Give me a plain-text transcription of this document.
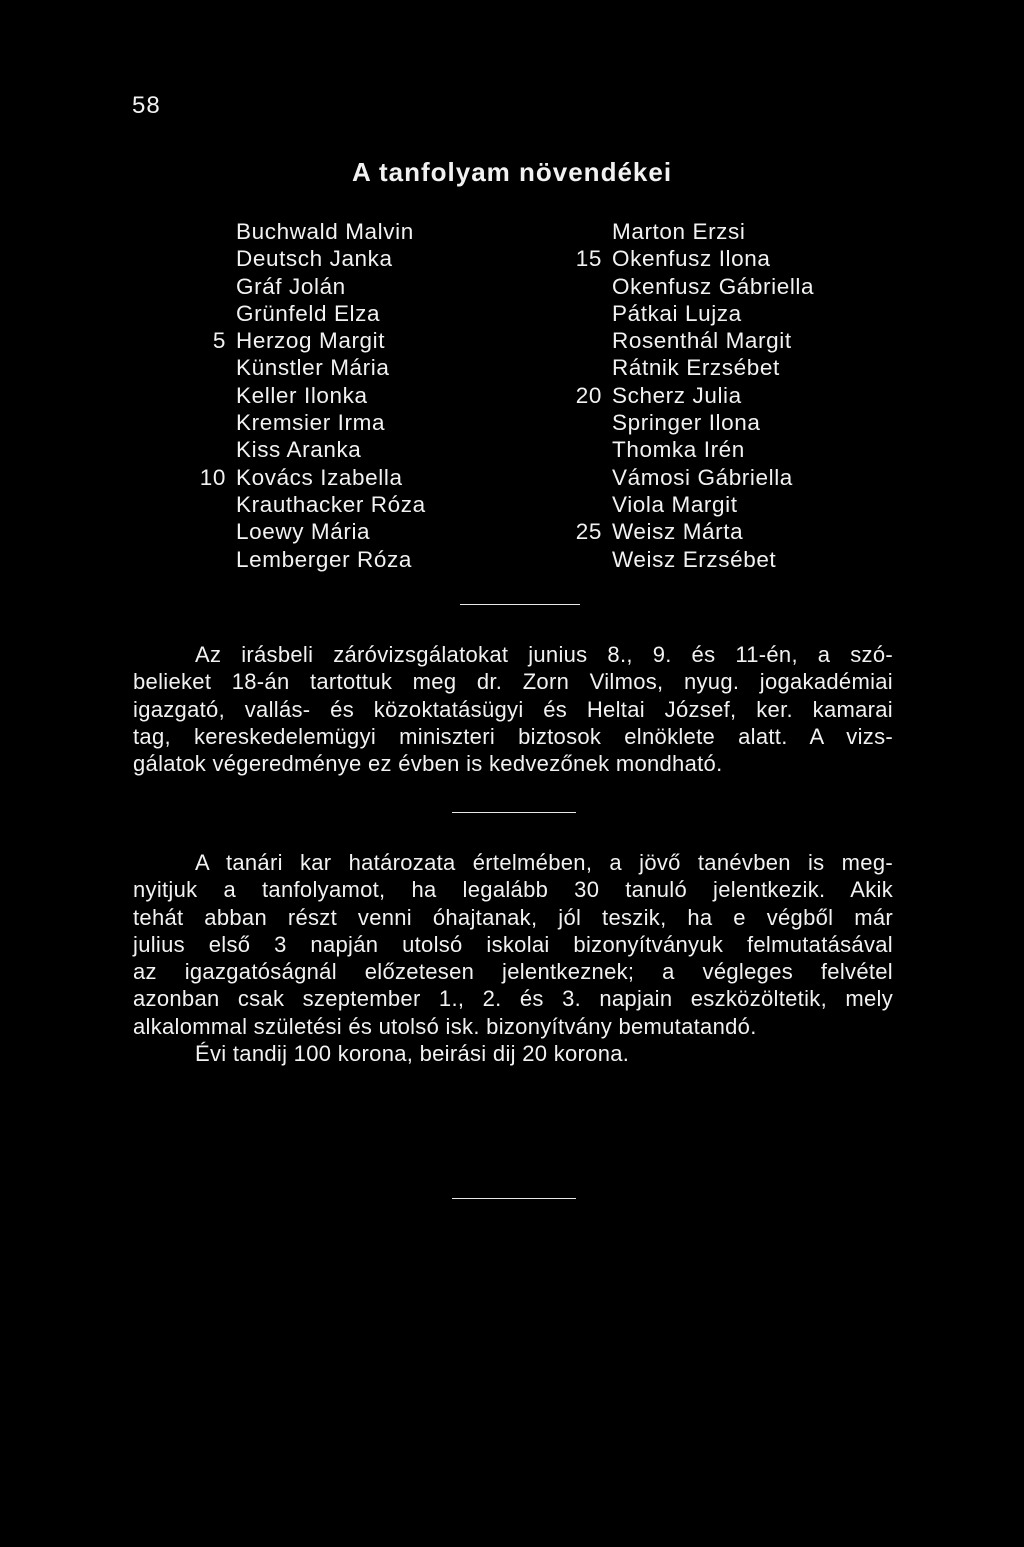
58
A tanfolyam növendékei
Buchwald Malvin
Deutsch Janka
Gráf Jolán
Grünfeld Elza
5 Herzog Margit
Künstler Mária
Keller Ilonka
Kremsier Irma
Kiss Aranka
10 Kovács Izabella
Krauthacker Róza
Loewy Mária
Lemberger Róza
Marton Erzsi
15 Okenfusz Ilona
Okenfusz Gábriella
Pátkai Lujza
Rosenthál Margit
Rátnik Erzsébet
20 Scherz Julia
Springer Ilona
Thomka Irén
Vámosi Gábriella
Viola Margit
25 Weisz Márta
Weisz Erzsébet
Az irásbeli záróvizsgálatokat junius 8., 9. és 11-én, a szó-
belieket 18-án tartottuk meg dr. Zorn Vilmos, nyug. jogakadémiai
igazgató, vallás- és közoktatásügyi és Heltai József, ker. kamarai
tag, kereskedelemügyi miniszteri biztosok elnöklete alatt. A vizs-
gálatok végeredménye ez évben is kedvezőnek mondható.
A tanári kar határozata értelmében, a jövő tanévben is meg-
nyitjuk a tanfolyamot, ha legalább 30 tanuló jelentkezik. Akik
tehát abban részt venni óhajtanak, jól teszik, ha e végből már
julius első 3 napján utolsó iskolai bizonyítványuk felmutatásával
az igazgatóságnál előzetesen jelentkeznek; a végleges felvétel
azonban csak szeptember 1., 2. és 3. napjain eszközöltetik, mely
alkalommal születési és utolsó isk. bizonyítvány bemutatandó.
Évi tandij 100 korona, beirási dij 20 korona.
